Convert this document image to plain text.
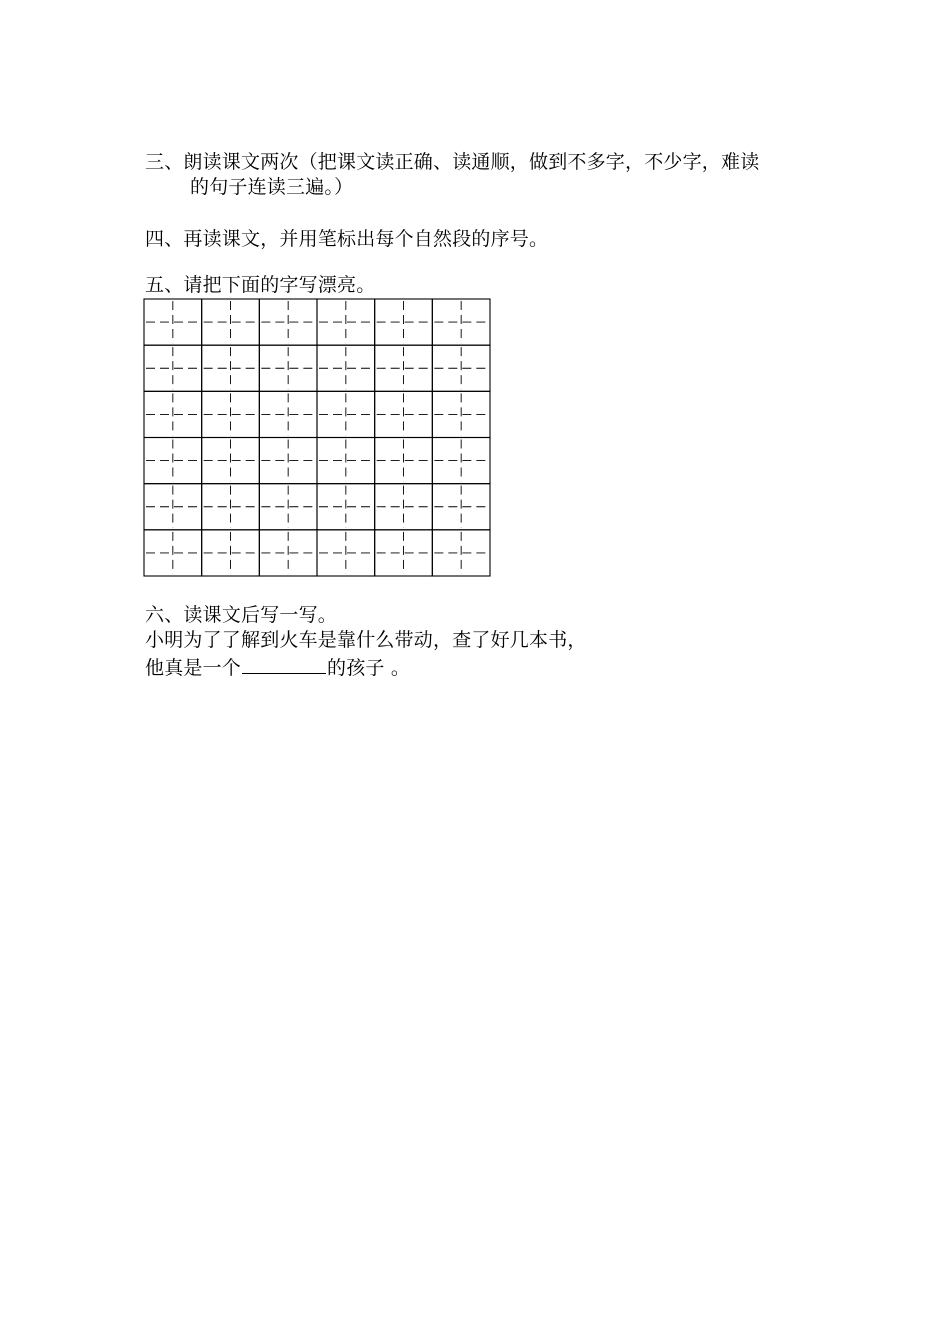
三、朗读课文两次（把课文读正确、读通顺，做到不多字，不少字，难读
的句子连读三遍。）
四、再读课文，并用笔标出每个自然段的序号。
五、请把下面的字写漂亮。
六、读课文后写一写。
小明为了了解到火车是靠什么带动，查了好几本书，
他真是一个	的孩子 。
